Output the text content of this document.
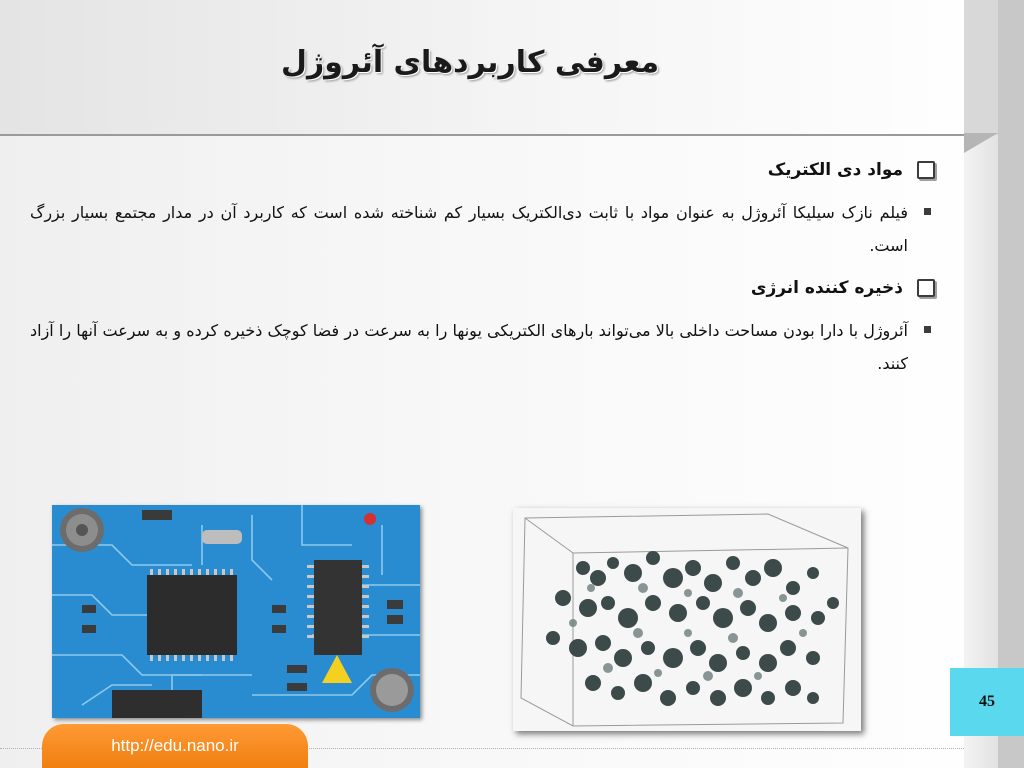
معرفی کاربردهای آئروژل
مواد دی الکتریک
فیلم نازک سیلیکا آئروژل به عنوان مواد با ثابت دی‌الکتریک بسیار کم شناخته شده است که کاربرد آن در مدار مجتمع بسیار بزرگ است.
ذخیره کننده انرژی
آئروژل با دارا بودن مساحت داخلی بالا می‌تواند بارهای الکتریکی یونها را به سرعت در فضا کوچک ذخیره کرده و به سرعت آنها را آزاد کنند.
45
http://edu.nano.ir
